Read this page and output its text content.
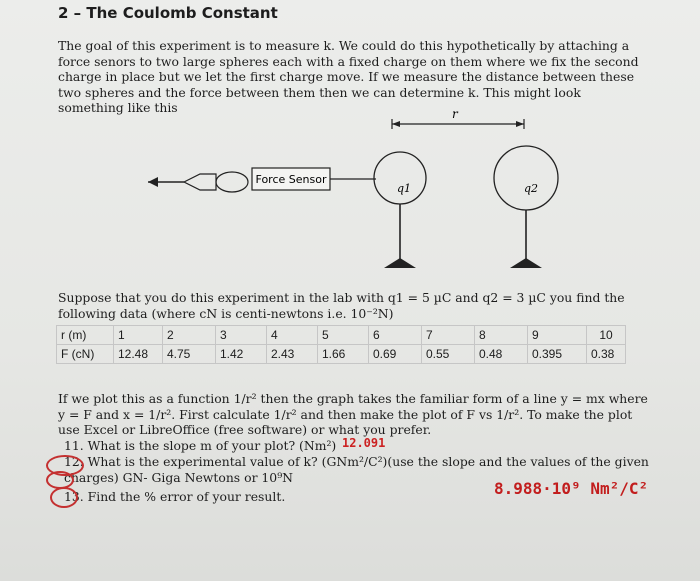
2 – The Coulomb Constant
The goal of this experiment is to measure k. We could do this hypothetically by attaching a force senors to two large spheres each with a fixed charge on them where we fix the second charge in place but we let the first charge move. If we measure the distance between these two spheres and the force between them then we can determine k. This might look something like this	r
Force Sensor
q1	q2
Suppose that you do this experiment in the lab with q1 = 5 µC and q2 = 3 µC you find the following data (where cN is centi-newtons i.e. 10⁻²N)
r (m)	1	2	3	4	5	6	7	8	9	10
F (cN)	12.48	4.75	1.42	2.43	1.66	0.69	0.55	0.48	0.395	0.38
If we plot this as a function 1/r² then the graph takes the familiar form of a line y = mx where y = F and x = 1/r². First calculate 1/r² and then make the plot of F vs 1/r². To make the plot use Excel or LibreOffice (free software) or what you prefer.
11. What is the slope m of your plot? (Nm²) 12.091
12. What is the experimental value of k? (GNm²/C²)(use the slope and the values of the given charges) GN- Giga Newtons or 10⁹N
13. Find the % error of your result.	8.988·10⁹ Nm²/C²
